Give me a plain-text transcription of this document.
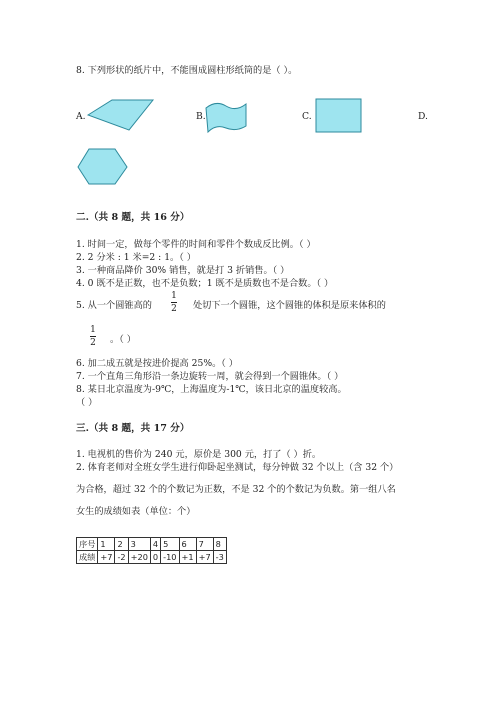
8. 下列形状的纸片中，不能围成圆柱形纸筒的是（ ）。
A.	B.	C.	D.
二.（共 8 题，共 16 分）
1. 时间一定，做每个零件的时间和零件个数成反比例。（ ）
2. 2 分米 : 1 米=2 : 1。（ ）
3. 一种商品降价 30% 销售，就是打 3 折销售。（ ）
4. 0 既不是正数，也不是负数；1 既不是质数也不是合数。（ ）
5. 从一个圆锥高的
1
2 处切下一个圆锥，这个圆锥的体积是原来体积的
1
2 。（ ）
6. 加二成五就是按进价提高 25%。（ ）
7. 一个直角三角形沿一条边旋转一周，就会得到一个圆锥体。（ ）
8. 某日北京温度为-9℃，上海温度为-1℃，该日北京的温度较高。
（ ）
三.（共 8 题，共 17 分）
1. 电视机的售价为 240 元，原价是 300 元，打了（ ）折。
2. 体育老师对全班女学生进行仰卧起坐测试，每分钟做 32 个以上（含 32 个）
为合格，超过 32 个的个数记为正数，不是 32 个的个数记为负数。第一组八名
女生的成绩如表（单位：个）
序号	1	2	3	4	5	6	7	8
成绩	+7	-2	+20	0	-10	+1	+7	-3
